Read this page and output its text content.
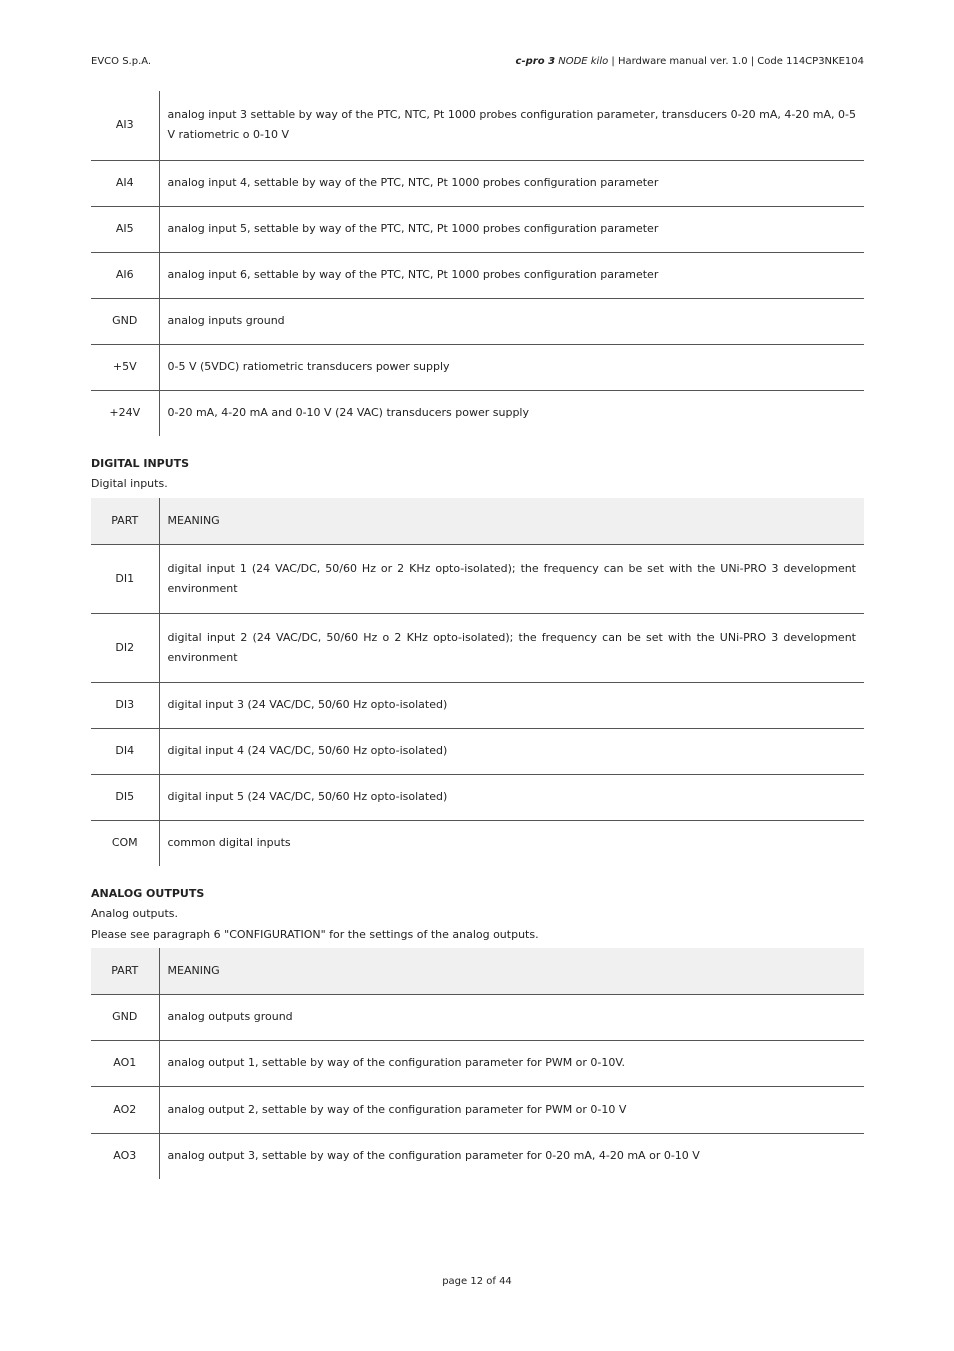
EVCO S.p.A.	c-pro 3 NODE kilo | Hardware manual ver. 1.0 | Code 114CP3NKE104
AI3	analog input 3 settable by way of the PTC, NTC, Pt 1000 probes configuration parameter, transducers 0-20 mA, 4-20 mA, 0-5 V ratiometric o 0-10 V
AI4	analog input 4, settable by way of the PTC, NTC, Pt 1000 probes configuration parameter
AI5	analog input 5, settable by way of the PTC, NTC, Pt 1000 probes configuration parameter
AI6	analog input 6, settable by way of the PTC, NTC, Pt 1000 probes configuration parameter
GND	analog inputs ground
+5V	0-5 V (5VDC) ratiometric transducers power supply
+24V	0-20 mA, 4-20 mA and 0-10 V (24 VAC) transducers power supply
DIGITAL INPUTS
Digital inputs.
PART	MEANING
DI1	digital input 1 (24 VAC/DC, 50/60 Hz or 2 KHz opto-isolated); the frequency can be set with the UNi-PRO 3 development environment
DI2	digital input 2 (24 VAC/DC, 50/60 Hz o 2 KHz opto-isolated); the frequency can be set with the UNi-PRO 3 development environment
DI3	digital input 3 (24 VAC/DC, 50/60 Hz opto-isolated)
DI4	digital input 4 (24 VAC/DC, 50/60 Hz opto-isolated)
DI5	digital input 5 (24 VAC/DC, 50/60 Hz opto-isolated)
COM	common digital inputs
ANALOG OUTPUTS
Analog outputs.
Please see paragraph 6 "CONFIGURATION" for the settings of the analog outputs.
PART	MEANING
GND	analog outputs ground
AO1	analog output 1, settable by way of the configuration parameter for PWM or 0-10V.
AO2	analog output 2, settable by way of the configuration parameter for PWM or 0-10 V
AO3	analog output 3, settable by way of the configuration parameter for 0-20 mA, 4-20 mA or 0-10 V
page 12 of 44
